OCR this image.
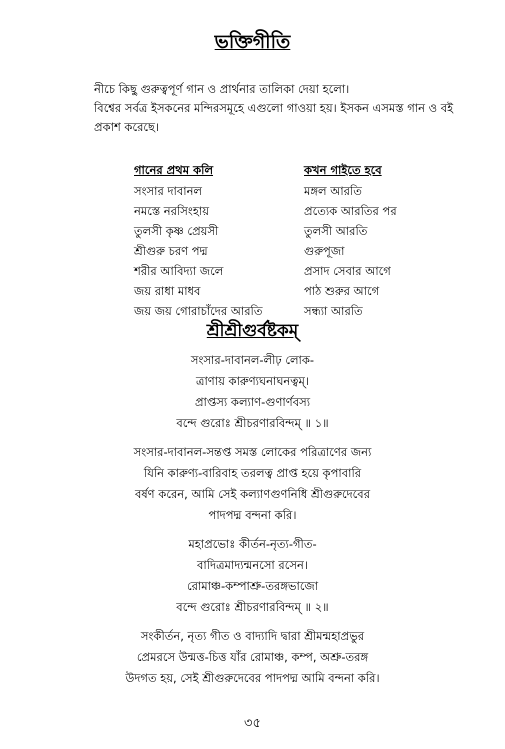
ভক্তিগীতি

নীচে কিছু গুরুত্বপূর্ণ গান ও প্রার্থনার তালিকা দেয়া হলো।

বিশ্বের সর্বত্র ইসকনের মন্দিরসমূহে এগুলো গাওয়া হয়। ইসকন এসমস্ত গান ও বই প্রকাশ করেছে।

গানের প্রথম কলি	কখন গাইতে হবে
সংসার দাবানল	মঙ্গল আরতি
নমস্তে নরসিংহায়	প্রত্যেক আরতির পর
তুলসী কৃষ্ণ প্রেয়সী	তুলসী আরতি
শ্রীগুরু চরণ পদ্ম	গুরুপূজা
শরীর আবিদ্যা জলে	প্রসাদ সেবার আগে
জয় রাধা মাধব	পাঠ শুরুর আগে
জয় জয় গোরাচাঁদের আরতি	সন্ধ্যা আরতি
শ্রীশ্রীগুর্বষ্টকম্
সংসার-দাবানল-লীঢ় লোক-
ত্রাণায় কারুণ্যঘনাঘনত্বম্।
প্রাপ্তস্য কল্যাণ-গুণার্ণবস্য
বন্দে গুরোঃ শ্রীচরণারবিন্দম্ ॥ ১॥
সংসার-দাবানল-সন্তপ্ত সমস্ত লোকের পরিত্রাণের জন্য
যিনি কারুণ্য-বারিবাহ তরলত্ব প্রাপ্ত হয়ে কৃপাবারি
বর্ষণ করেন, আমি সেই কল্যাণগুণনিধি শ্রীগুরুদেবের
পাদপদ্ম বন্দনা করি।
মহাপ্রভোঃ কীর্তন-নৃত্য-গীত-
বাদিত্রমাদ্যন্মনসো রসেন।
রোমাঞ্চ-কম্পাশ্রু-তরঙ্গভাজো
বন্দে গুরোঃ শ্রীচরণারবিন্দম্ ॥ ২॥
সংকীর্তন, নৃত্য গীত ও বাদ্যাদি দ্বারা শ্রীমন্মহাপ্রভুর
প্রেমরসে উন্মত্ত-চিত্ত যাঁর রোমাঞ্চ, কম্প, অশ্রু-তরঙ্গ
উদগত হয়, সেই শ্রীগুরুদেবের পাদপদ্ম আমি বন্দনা করি।
৩৫
